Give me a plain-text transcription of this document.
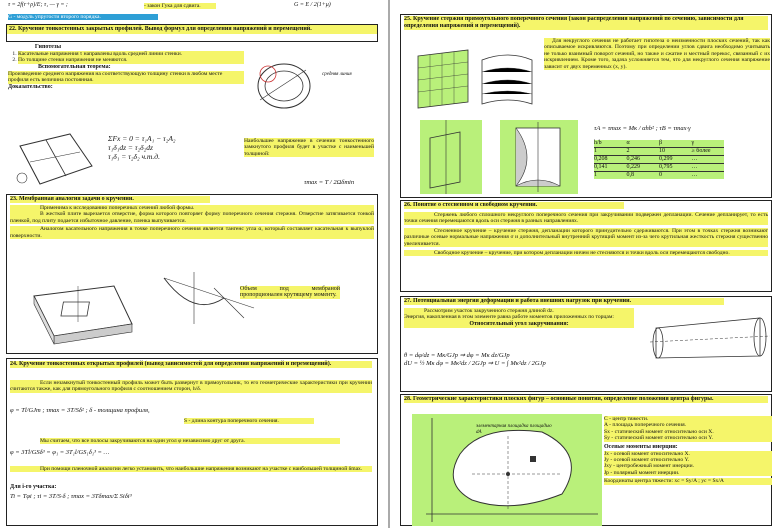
τ = 2f(r+ρ)/E; τ₁ — γ = ;	- закон Гука для сдвига.	G = E / 2(1+μ)
G - модуль упругости второго порядка.
22. Кручение тонкостенных закрытых профилей. Вывод формул для определения напряжений и перемещений.
Гипотезы
1. Касательные напряжения τ направлены вдоль средней линии стенки.
2. По толщине стенки напряжения не меняются.
Вспомогательная теорема:
Произведение среднего напряжения на соответствующую толщину стенки в любом месте профиля есть величина постоянная.
Доказательство:
средняя линия
ΣFx = 0 = τ₁A₁ − τ₂A₂
τ₁δ₁dz = τ₂δ₂dz
τ₁δ₁ = τ₂δ₂ ч.т.д.
Наибольшее напряжение в сечении тонкостенного замкнутого профиля будет в участке с наименьшей толщиной:
τmax = T / 2Ωδmin
23. Мембранная аналогия задачи о кручении.
Применима к исследованию поперечных сечений любой формы.
В жесткой плите вырезается отверстие, форма которого повторяет форму поперечного сечения стержня. Отверстие затягивается тонкой пленкой, под плиту подается избыточное давление, пленка выпучивается.
Аналогом касательного напряжения в точке поперечного сечения является тангенс угла α, который составляет касательная к выпуклой поверхности.
Объем под мембраной пропорционален крутящему моменту.
24. Кручение тонкостенных открытых профилей (вывод зависимостей для определения напряжений и перемещений).
Если незамкнутый тонкостенный профиль может быть развернут в прямоугольник, то его геометрические характеристики при кручении считаются также, как для прямоугольного профиля с соотношением сторон, h/δ.
φ = Tl/GJт ; τmax = 3T/Sδ² ; δ - толщина профиля,
S - длина контура поперечного сечения.
Мы считаем, что все полосы закручиваются на один угол φ независимо друг от друга.
φ = 3Tl/GSδ³ = φ₁ = 3T₁l/GS₁δ₁³ = …
При помощи пленочной аналогии легко установить, что наибольшие напряжения возникают на участке с наибольшей толщиной δmax.
Для i-го участка:
Ti = Tφi ; τi = 3T/S·δ ; τmax = 3Tδmax/Σ Siδi³
25. Кручение стержня прямоугольного поперечного сечения (закон распределения напряжений по сечению, зависимости для определения напряжений и перемещений).
Для некруглого сечения не работает гипотеза о неизменности плоских сечений, так как описываемое искривляются. Поэтому при определении углов сдвига необходимо учитывать не только взаимный поворот сечений, но также и сжатие и местный перекос, связанный с их искривлением. Кроме того, задача усложняется тем, что для некруглого сечения напряжение зависит от двух переменных (x, y).
τA = τmax = Mк / αhb² ; τB = τmax·γ
h/b	α	β	γ
1	2	10	≥ более
0,208	0,246	0,299	…
0,141	0,229	0,795	…
1	0,8	0	…
26. Понятие о стесненном и свободном кручении.
Стержень любого сплошного некруглого поперечного сечения при закручивании подвержен депланации. Сечение депланирует, то есть точки сечения перемещаются вдоль оси стержня в разных направлениях.
Стесненное кручение – кручение стержня, депланации которого принудительно сдерживаются. При этом в точках стержня возникают различные осевые нормальные напряжения σ и дополнительный внутренний крутящий момент из-за чего крутильная жесткость стержня существенно увеличивается.
Свободное кручение – кручение, при котором депланации ничем не стесняются и точки вдоль оси перемещаются свободно.
27. Потенциальная энергия деформации и работа внешних нагрузок при кручении.
Рассмотрим участок закрученного стержня длиной dz.
Энергия, накопленная в этом элементе равна работе моментов приложенных по торцам:
Относительный угол закручивания:
θ = dφ/dz = Mк/GJp ⇒ dφ = Mк dz/GJp
dU = ½ Mк dφ = Mк²dz / 2GJp ⇒ U = ∫ Mк²dz / 2GJp
28. Геометрические характеристики плоских фигур – основные понятия, определение положения центра фигуры.
элементарная площадка площадью dA
C - центр тяжести.
A - площадь поперечного сечения.
Sx - статический момент относительно оси X.
Sy - статический момент относительно оси Y.
Осевые моменты инерции:
Jx - осевой момент относительно X.
Jy - осевой момент относительно Y.
Jxy - центробежный момент инерции.
Jp - полярный момент инерции.
Координаты центра тяжести: xc = Sy/A ; yc = Sx/A
